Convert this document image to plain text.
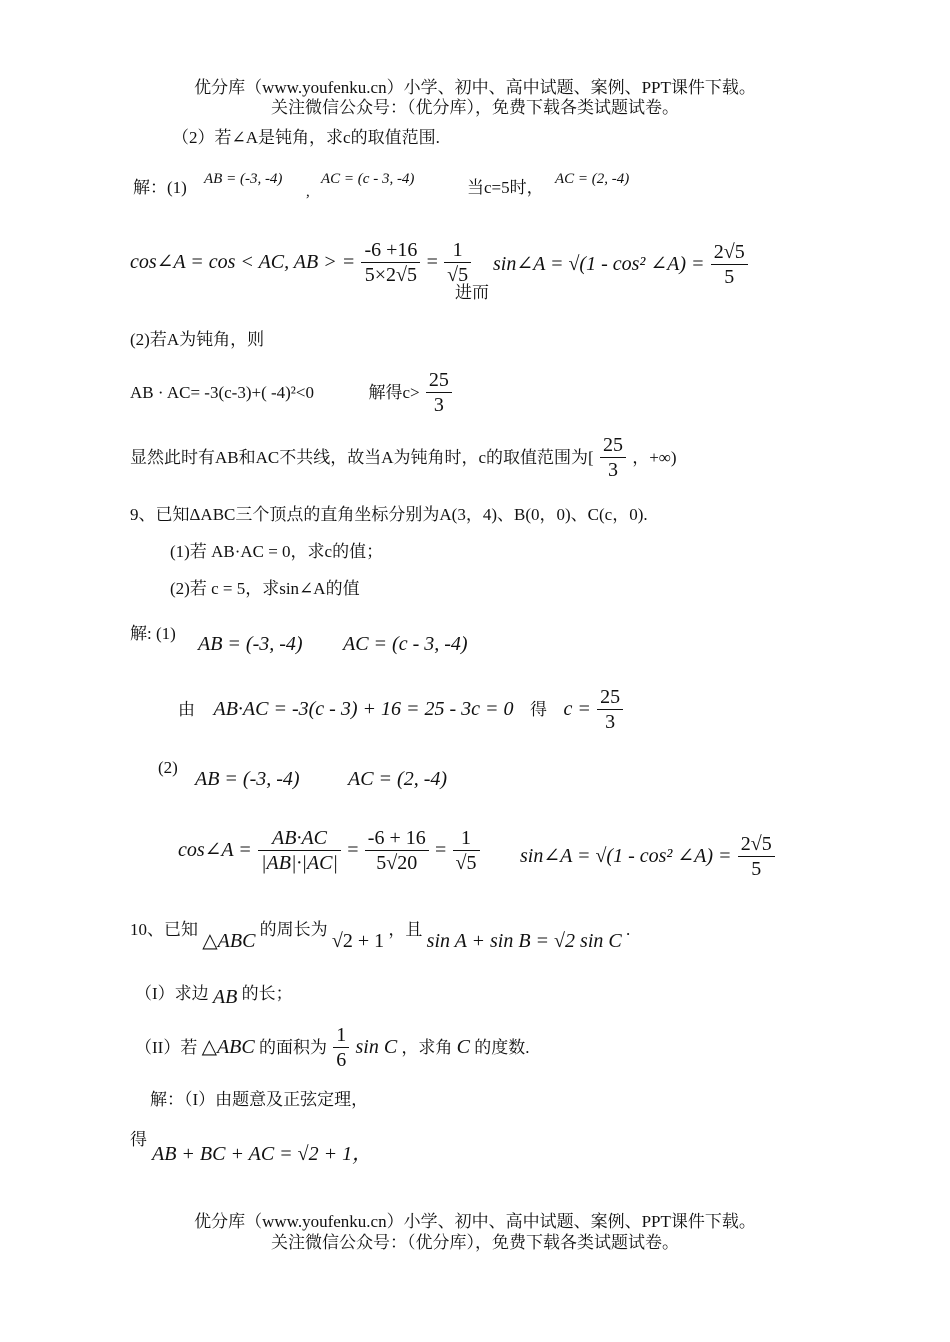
优分库（www.youfenku.cn）小学、初中、高中试题、案例、PPT课件下载。
关注微信公众号：（优分库），免费下载各类试题试卷。
（2）若∠A是钝角，求c的取值范围.
解：(1) AB = (-3, -4)
,
AC = (c - 3, -4)	当c=5时， AC = (2, -4)
cos∠A = cos < AC, AB > = $\frac{-6 +16}{5\times 2√5} = \frac{1}{√5}$
进而
sin∠A = √(1 - cos² ∠A) = $\frac{2√5}{5}$
(2)若A为钝角，则
AB · AC= -3(c-3)+( -4)²<0	解得$c> \frac{25}{3}$
显然此时有AB和AC不共线，故当A为钝角时，c的取值范围为[ $\frac{25}{3}$ ，+∞)
9、已知ΔABC三个顶点的直角坐标分别为A(3，4)、B(0，0)、C(c，0).
(1)若 AB·AC = 0，求c的值；
(2)若 c = 5，求sin∠A的值
解: (1) AB = (-3, -4) AC = (c - 3, -4)
由 AB·AC = -3(c - 3) + 16 = 25 - 3c = 0 得 $c = \frac{25}{3}$
(2)
AB = (-3, -4) AC = (2, -4)
cos∠A = $\frac{AB\cdot AC}{|AB|\cdot|AC|} = \frac{-6 + 16}{5√20} = \frac{1}{√5}$ sin∠A = √(1 - cos² ∠A) = $\frac{2√5}{5}$
10、已知 △ABC 的周长为 √2 + 1 ，且 sin A + sin B = √2 sin C .
（I）求边 AB 的长；
（II）若 △ABC 的面积为 $\frac{1}{6}$ sin C ，求角 C 的度数.
解：（I）由题意及正弦定理，
得
AB + BC + AC = √2 + 1，
优分库（www.youfenku.cn）小学、初中、高中试题、案例、PPT课件下载。
关注微信公众号：（优分库），免费下载各类试题试卷。
